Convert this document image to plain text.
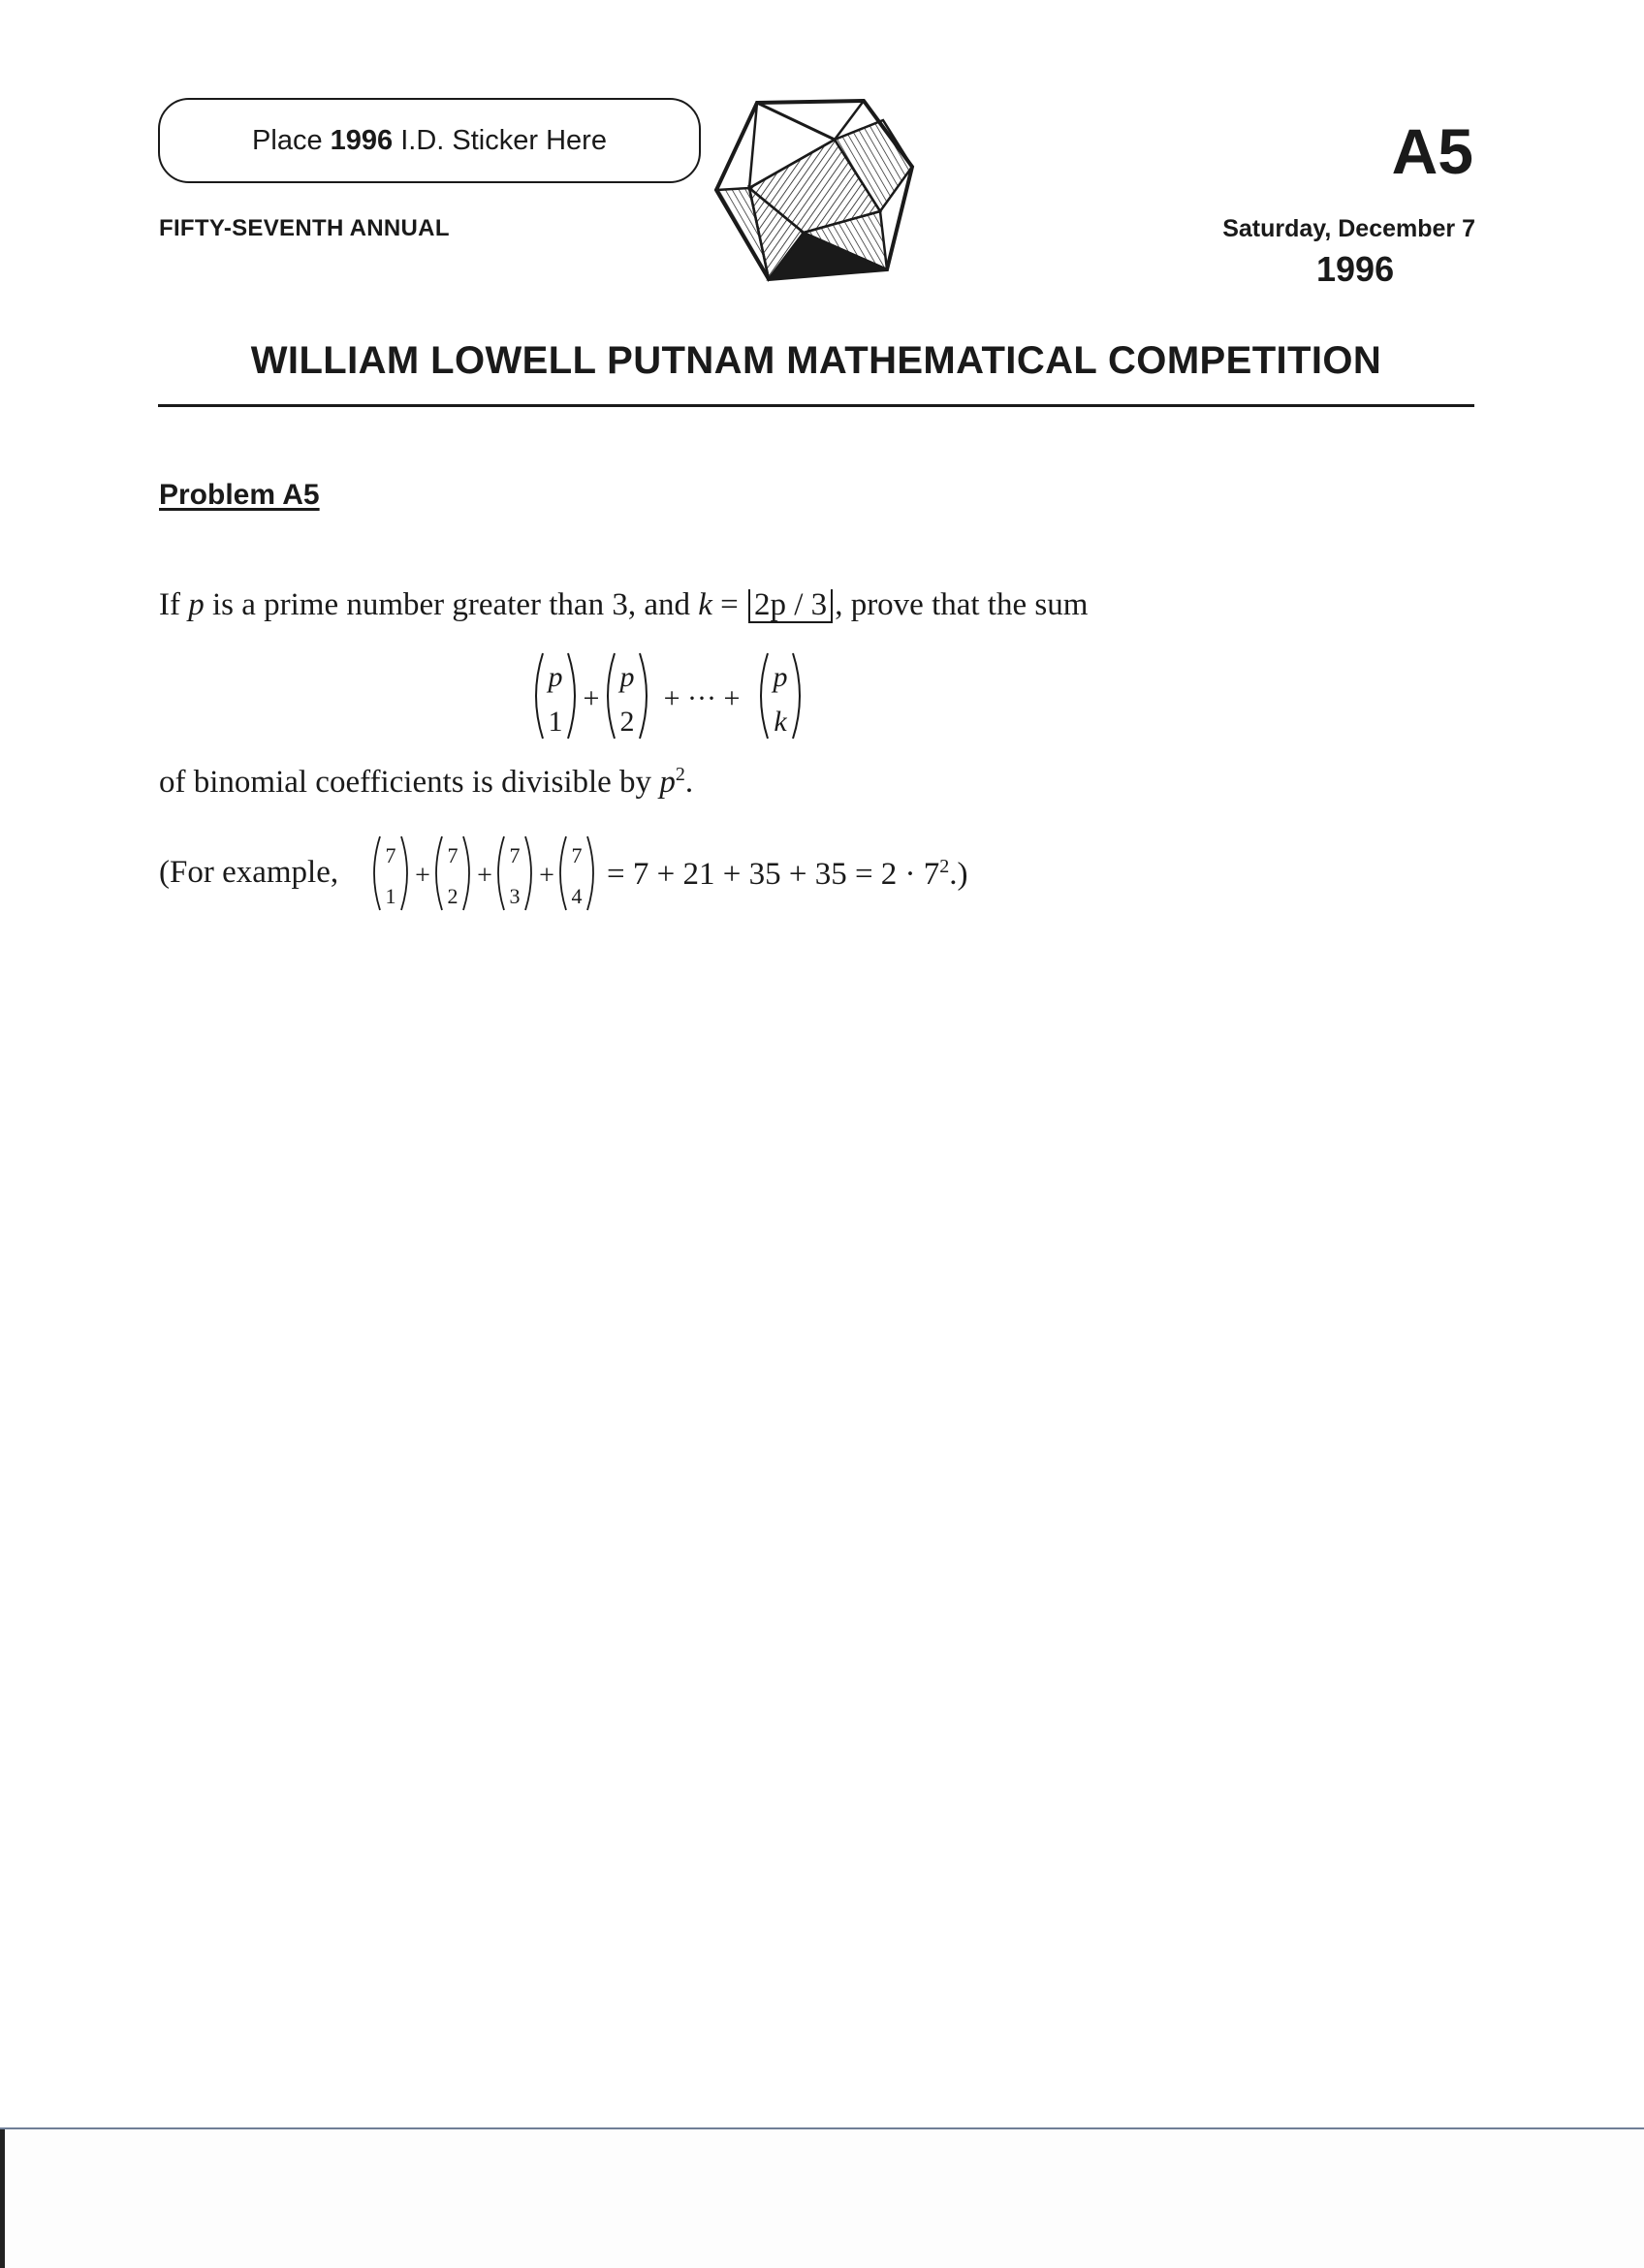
Place 1996 I.D. Sticker Here
FIFTY-SEVENTH ANNUAL
A5
Saturday, December 7
1996
WILLIAM LOWELL PUTNAM MATHEMATICAL COMPETITION
Problem A5
If p is a prime number greater than 3, and k = 2p / 3 , prove that the sum
p
1
+
p
2
+ ··· +
p
k
of binomial coefficients is divisible by $p^2$.
(For example, 7
1
+
7
2
+
7
3
+
7
4
= $7 + 21 + 35 + 35 = 2 \cdot 7^2$.)
